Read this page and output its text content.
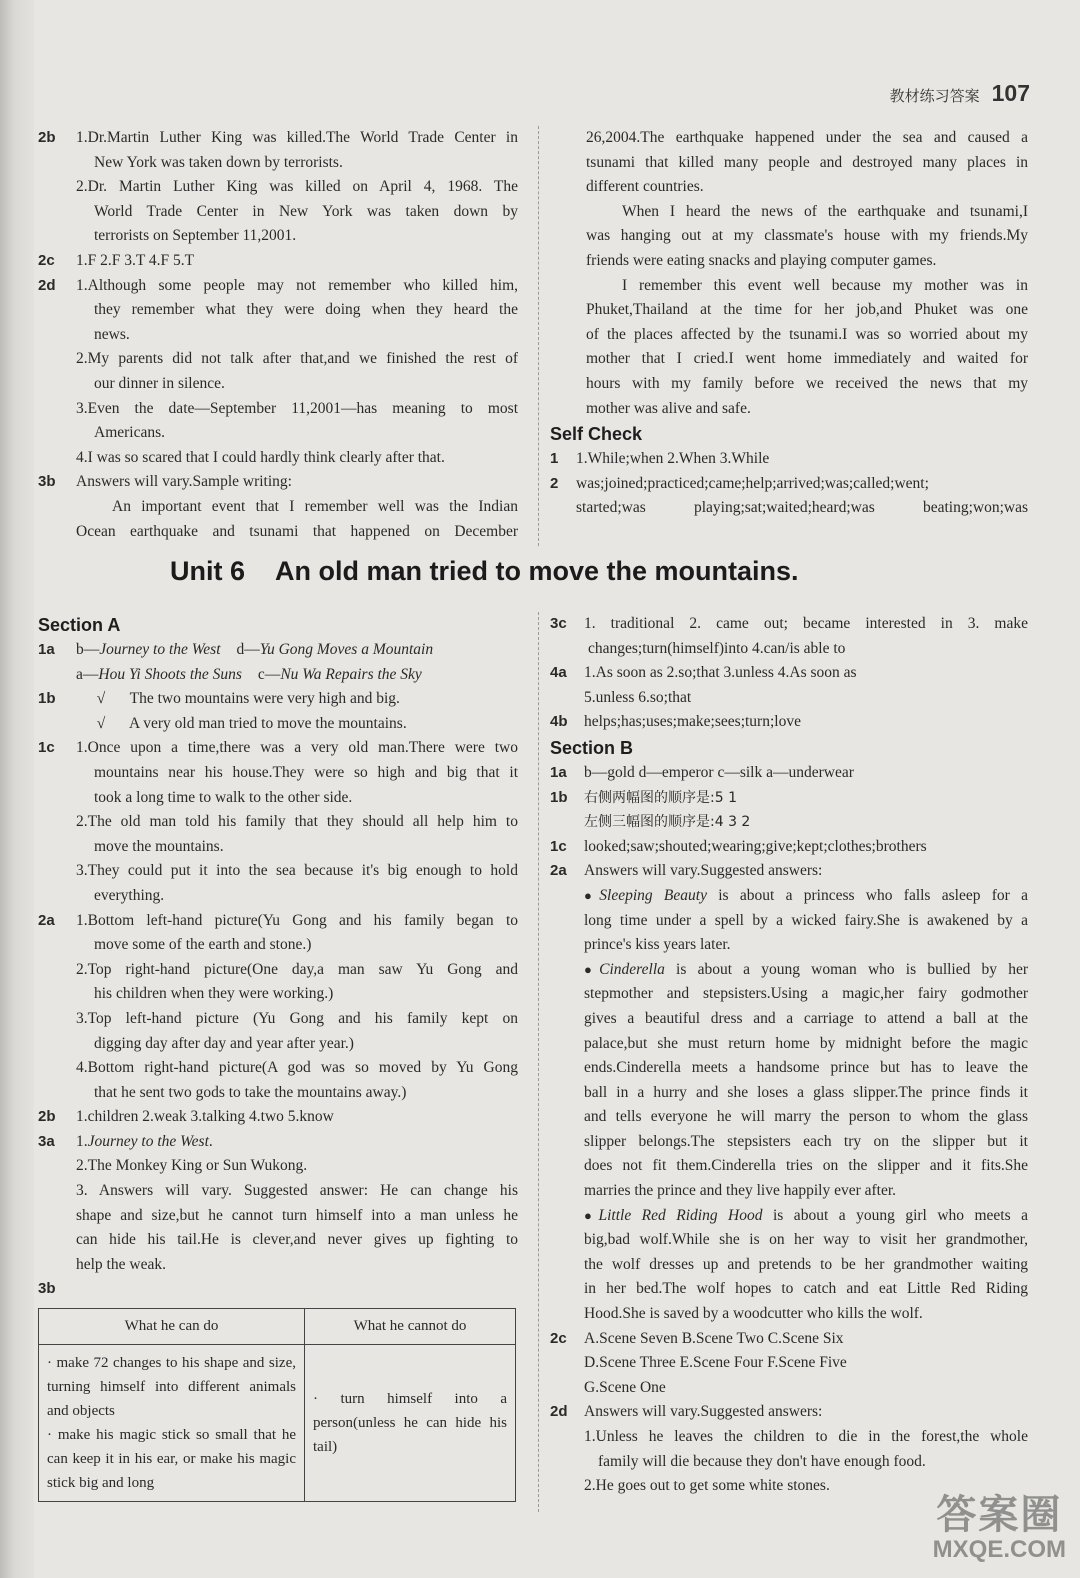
教材练习答案 107
2b 1.Dr.Martin Luther King was killed.The World Trade Center in
New York was taken down by terrorists.
2.Dr. Martin Luther King was killed on April 4, 1968. The
World Trade Center in New York was taken down by
terrorists on September 11,2001.
2c 1.F 2.F 3.T 4.F 5.T
2d 1.Although some people may not remember who killed him,
they remember what they were doing when they heard the
news.
2.My parents did not talk after that,and we finished the rest of
our dinner in silence.
3.Even the date—September 11,2001—has meaning to most
Americans.
4.I was so scared that I could hardly think clearly after that.
3b Answers will vary.Sample writing:
An important event that I remember well was the Indian
Ocean earthquake and tsunami that happened on December
26,2004.The earthquake happened under the sea and caused a
tsunami that killed many people and destroyed many places in
different countries.
When I heard the news of the earthquake and tsunami,I
was hanging out at my classmate's house with my friends.My
friends were eating snacks and playing computer games.
I remember this event well because my mother was in
Phuket,Thailand at the time for her job,and Phuket was one
of the places affected by the tsunami.I was so worried about my
mother that I cried.I went home immediately and waited for
hours with my family before we received the news that my
mother was alive and safe.
Self Check
1 1.While;when 2.When 3.While
2 was;joined;practiced;came;help;arrived;was;called;went;
started;was playing;sat;waited;heard;was beating;won;was
Unit 6 An old man tried to move the mountains.
Section A
1a b—Journey to the West d—Yu Gong Moves a Mountain
a—Hou Yi Shoots the Suns c—Nu Wa Repairs the Sky
1b	√ The two mountains were very high and big.
√ A very old man tried to move the mountains.
1c 1.Once upon a time,there was a very old man.There were two
mountains near his house.They were so high and big that it
took a long time to walk to the other side.
2.The old man told his family that they should all help him to
move the mountains.
3.They could put it into the sea because it's big enough to hold
everything.
2a 1.Bottom left-hand picture(Yu Gong and his family began to
move some of the earth and stone.)
2.Top right-hand picture(One day,a man saw Yu Gong and
his children when they were working.)
3.Top left-hand picture (Yu Gong and his family kept on
digging day after day and year after year.)
4.Bottom right-hand picture(A god was so moved by Yu Gong
that he sent two gods to take the mountains away.)
2b 1.children 2.weak 3.talking 4.two 5.know
3a 1.Journey to the West.
2.The Monkey King or Sun Wukong.
3. Answers will vary. Suggested answer: He can change his
shape and size,but he cannot turn himself into a man unless he
can hide his tail.He is clever,and never gives up fighting to
help the weak.
3b
What he can do	What he cannot do

· make 72 changes to his shape and size, turning himself into different animals and objects
· make his magic stick so small that he can keep it in his ear, or make his magic stick big and long	· turn himself into a person(unless he can hide his tail)
3c 1. traditional 2. came out; became interested in 3. make
changes;turn(himself)into 4.can/is able to
4a 1.As soon as 2.so;that 3.unless 4.As soon as
5.unless 6.so;that
4b helps;has;uses;make;sees;turn;love
Section B
1a b—gold d—emperor c—silk a—underwear
1b 右侧两幅图的顺序是:5 1
左侧三幅图的顺序是:4 3 2
1c looked;saw;shouted;wearing;give;kept;clothes;brothers
2a Answers will vary.Suggested answers:
●Sleeping Beauty is about a princess who falls asleep for a
long time under a spell by a wicked fairy.She is awakened by a
prince's kiss years later.
●Cinderella is about a young woman who is bullied by her
stepmother and stepsisters.Using a magic,her fairy godmother
gives a beautiful dress and a carriage to attend a ball at the
palace,but she must return home by midnight before the magic
ends.Cinderella meets a handsome prince but has to leave the
ball in a hurry and she loses a glass slipper.The prince finds it
and tells everyone he will marry the person to whom the glass
slipper belongs.The stepsisters each try on the slipper but it
does not fit them.Cinderella tries on the slipper and it fits.She
marries the prince and they live happily ever after.
●Little Red Riding Hood is about a young girl who meets a
big,bad wolf.While she is on her way to visit her grandmother,
the wolf dresses up and pretends to be her grandmother waiting
in her bed.The wolf hopes to catch and eat Little Red Riding
Hood.She is saved by a woodcutter who kills the wolf.
2c A.Scene Seven B.Scene Two C.Scene Six
D.Scene Three E.Scene Four F.Scene Five
G.Scene One
2d Answers will vary.Suggested answers:
1.Unless he leaves the children to die in the forest,the whole
family will die because they don't have enough food.
2.He goes out to get some white stones.
答案圈
MXQE.COM
